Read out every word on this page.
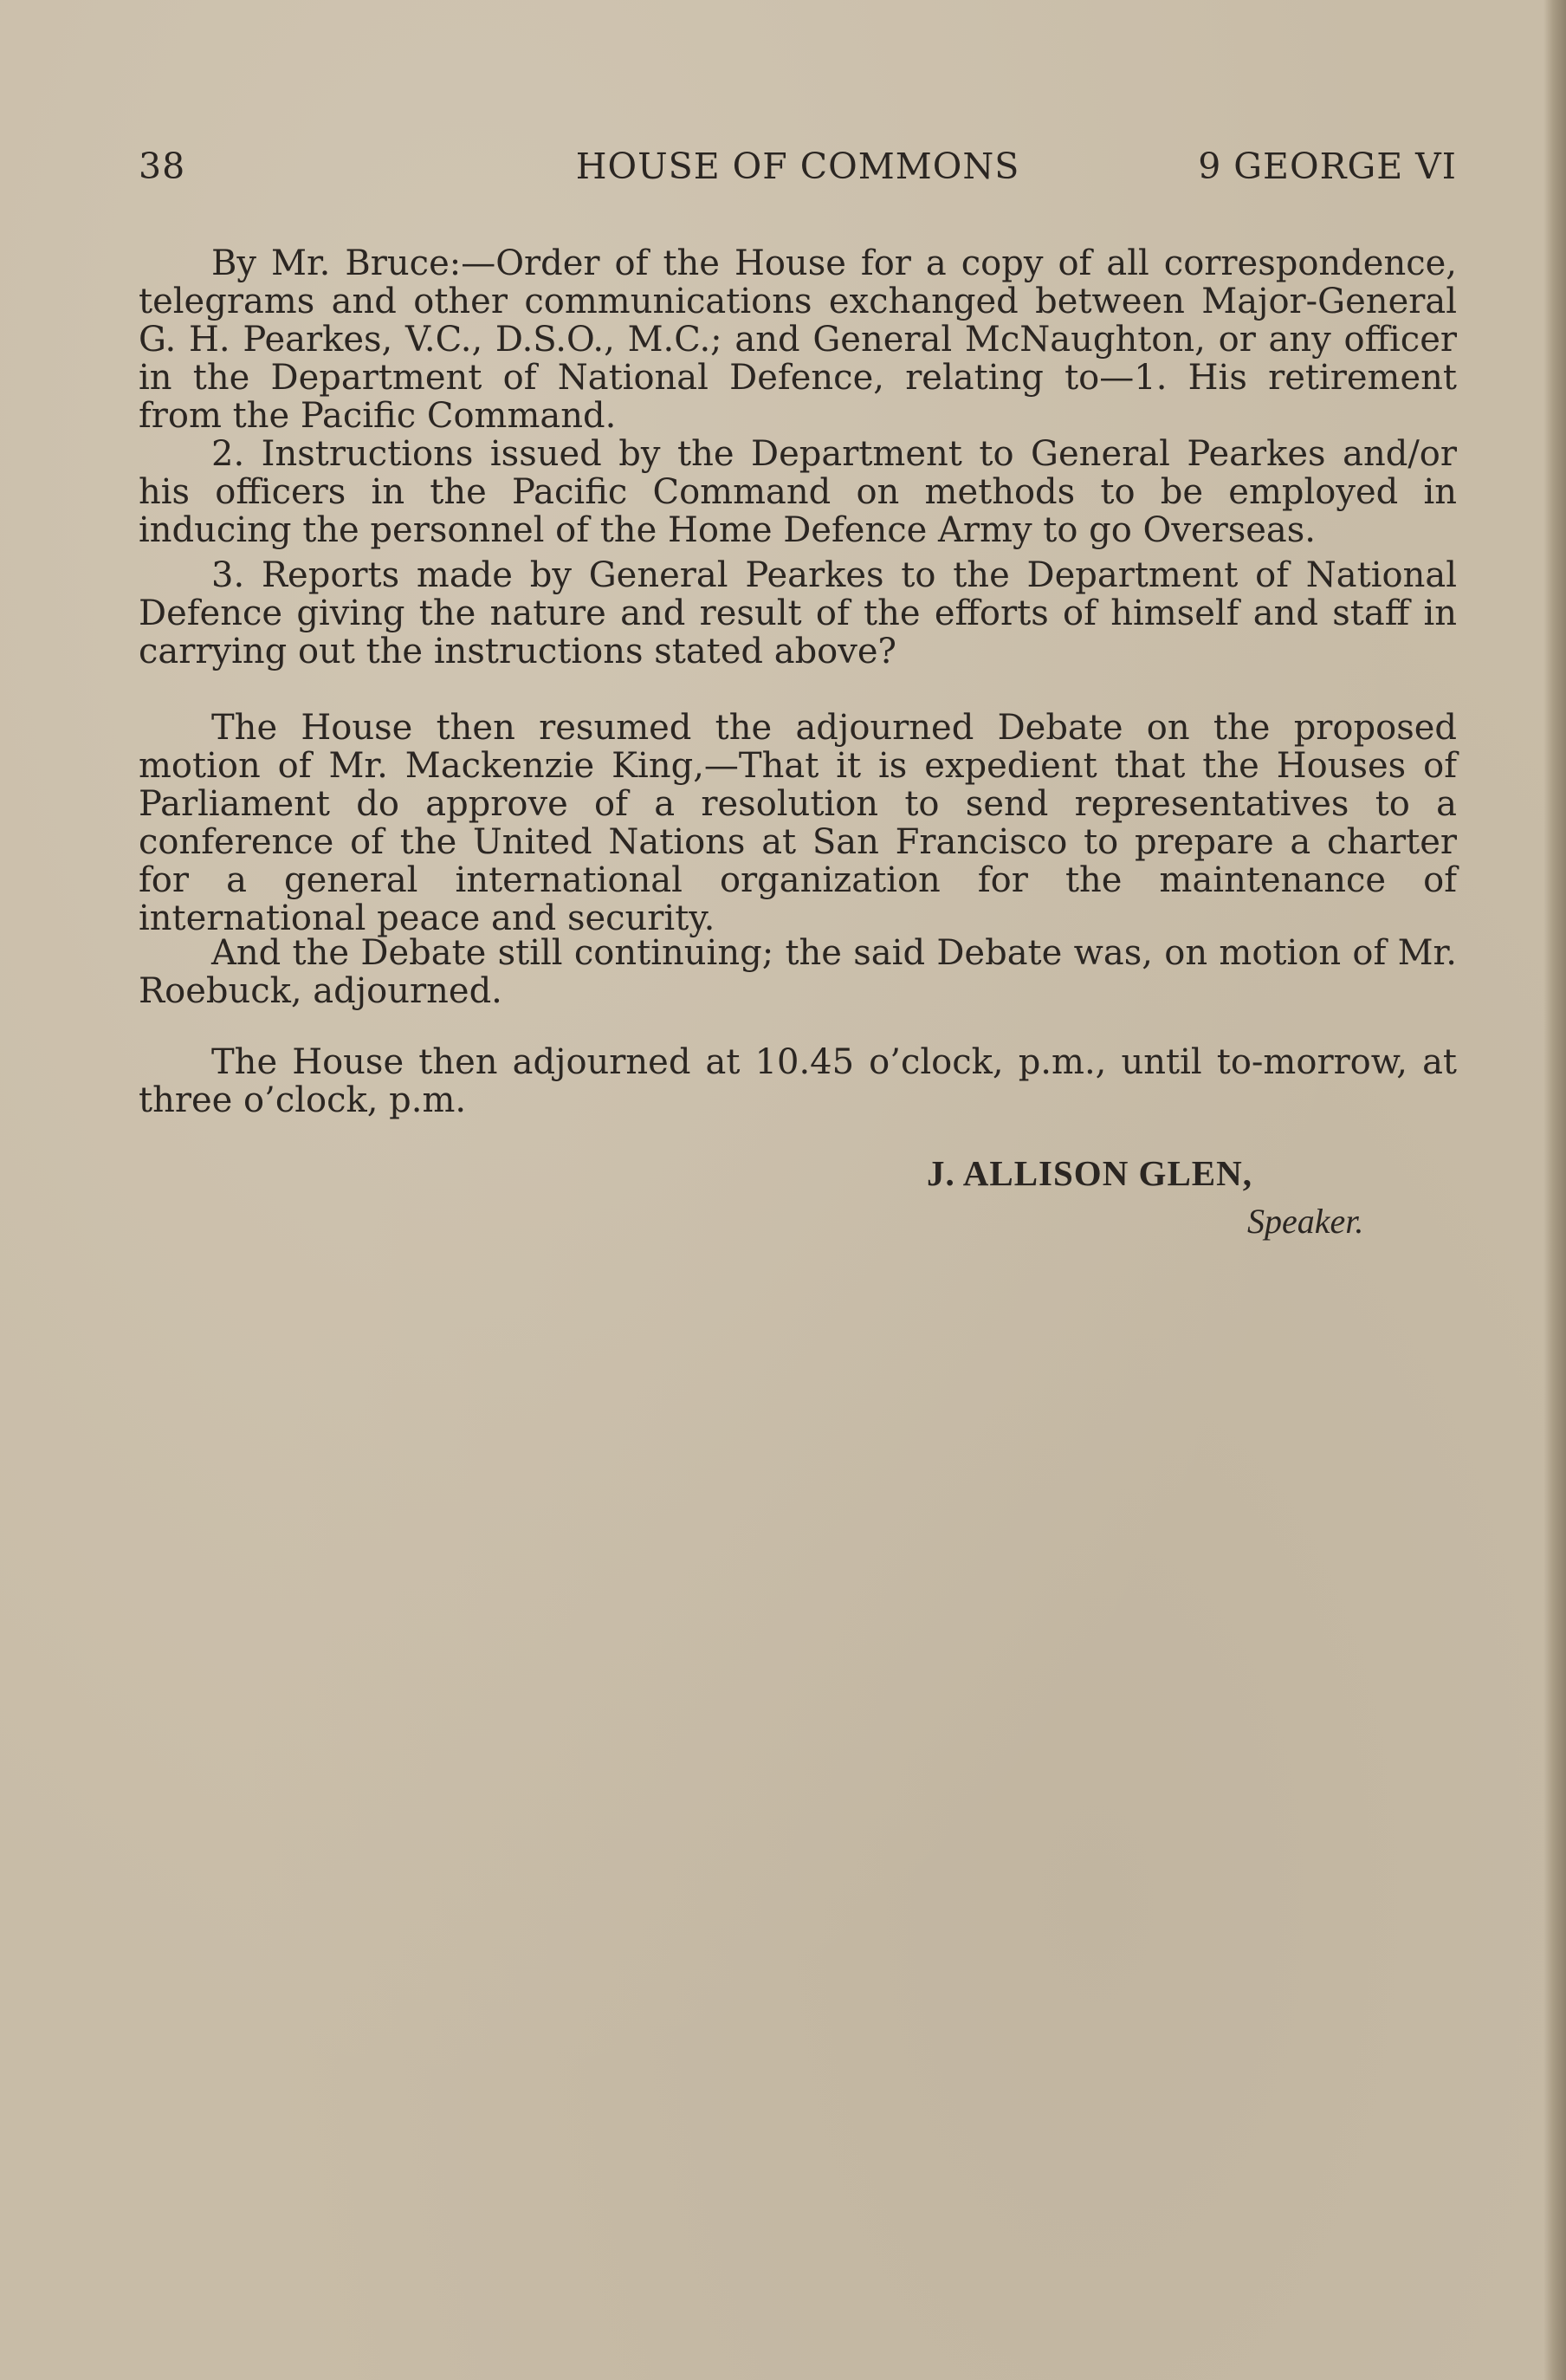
38	HOUSE OF COMMONS	9 GEORGE VI

By Mr. Bruce:—Order of the House for a copy of all correspondence, telegrams and other communications exchanged between Major-General G. H. Pearkes, V.C., D.S.O., M.C.; and General McNaughton, or any officer in the Department of National Defence, relating to—1. His retirement from the Pacific Command.

2. Instructions issued by the Department to General Pearkes and/or his officers in the Pacific Command on methods to be employed in inducing the personnel of the Home Defence Army to go Overseas.

3. Reports made by General Pearkes to the Department of National Defence giving the nature and result of the efforts of himself and staff in carrying out the instructions stated above?

The House then resumed the adjourned Debate on the proposed motion of Mr. Mackenzie King,—That it is expedient that the Houses of Parliament do approve of a resolution to send representatives to a conference of the United Nations at San Francisco to prepare a charter for a general international organization for the maintenance of international peace and security.

And the Debate still continuing; the said Debate was, on motion of Mr. Roebuck, adjourned.

The House then adjourned at 10.45 o’clock, p.m., until to-morrow, at three o’clock, p.m.

J. ALLISON GLEN,

Speaker.
